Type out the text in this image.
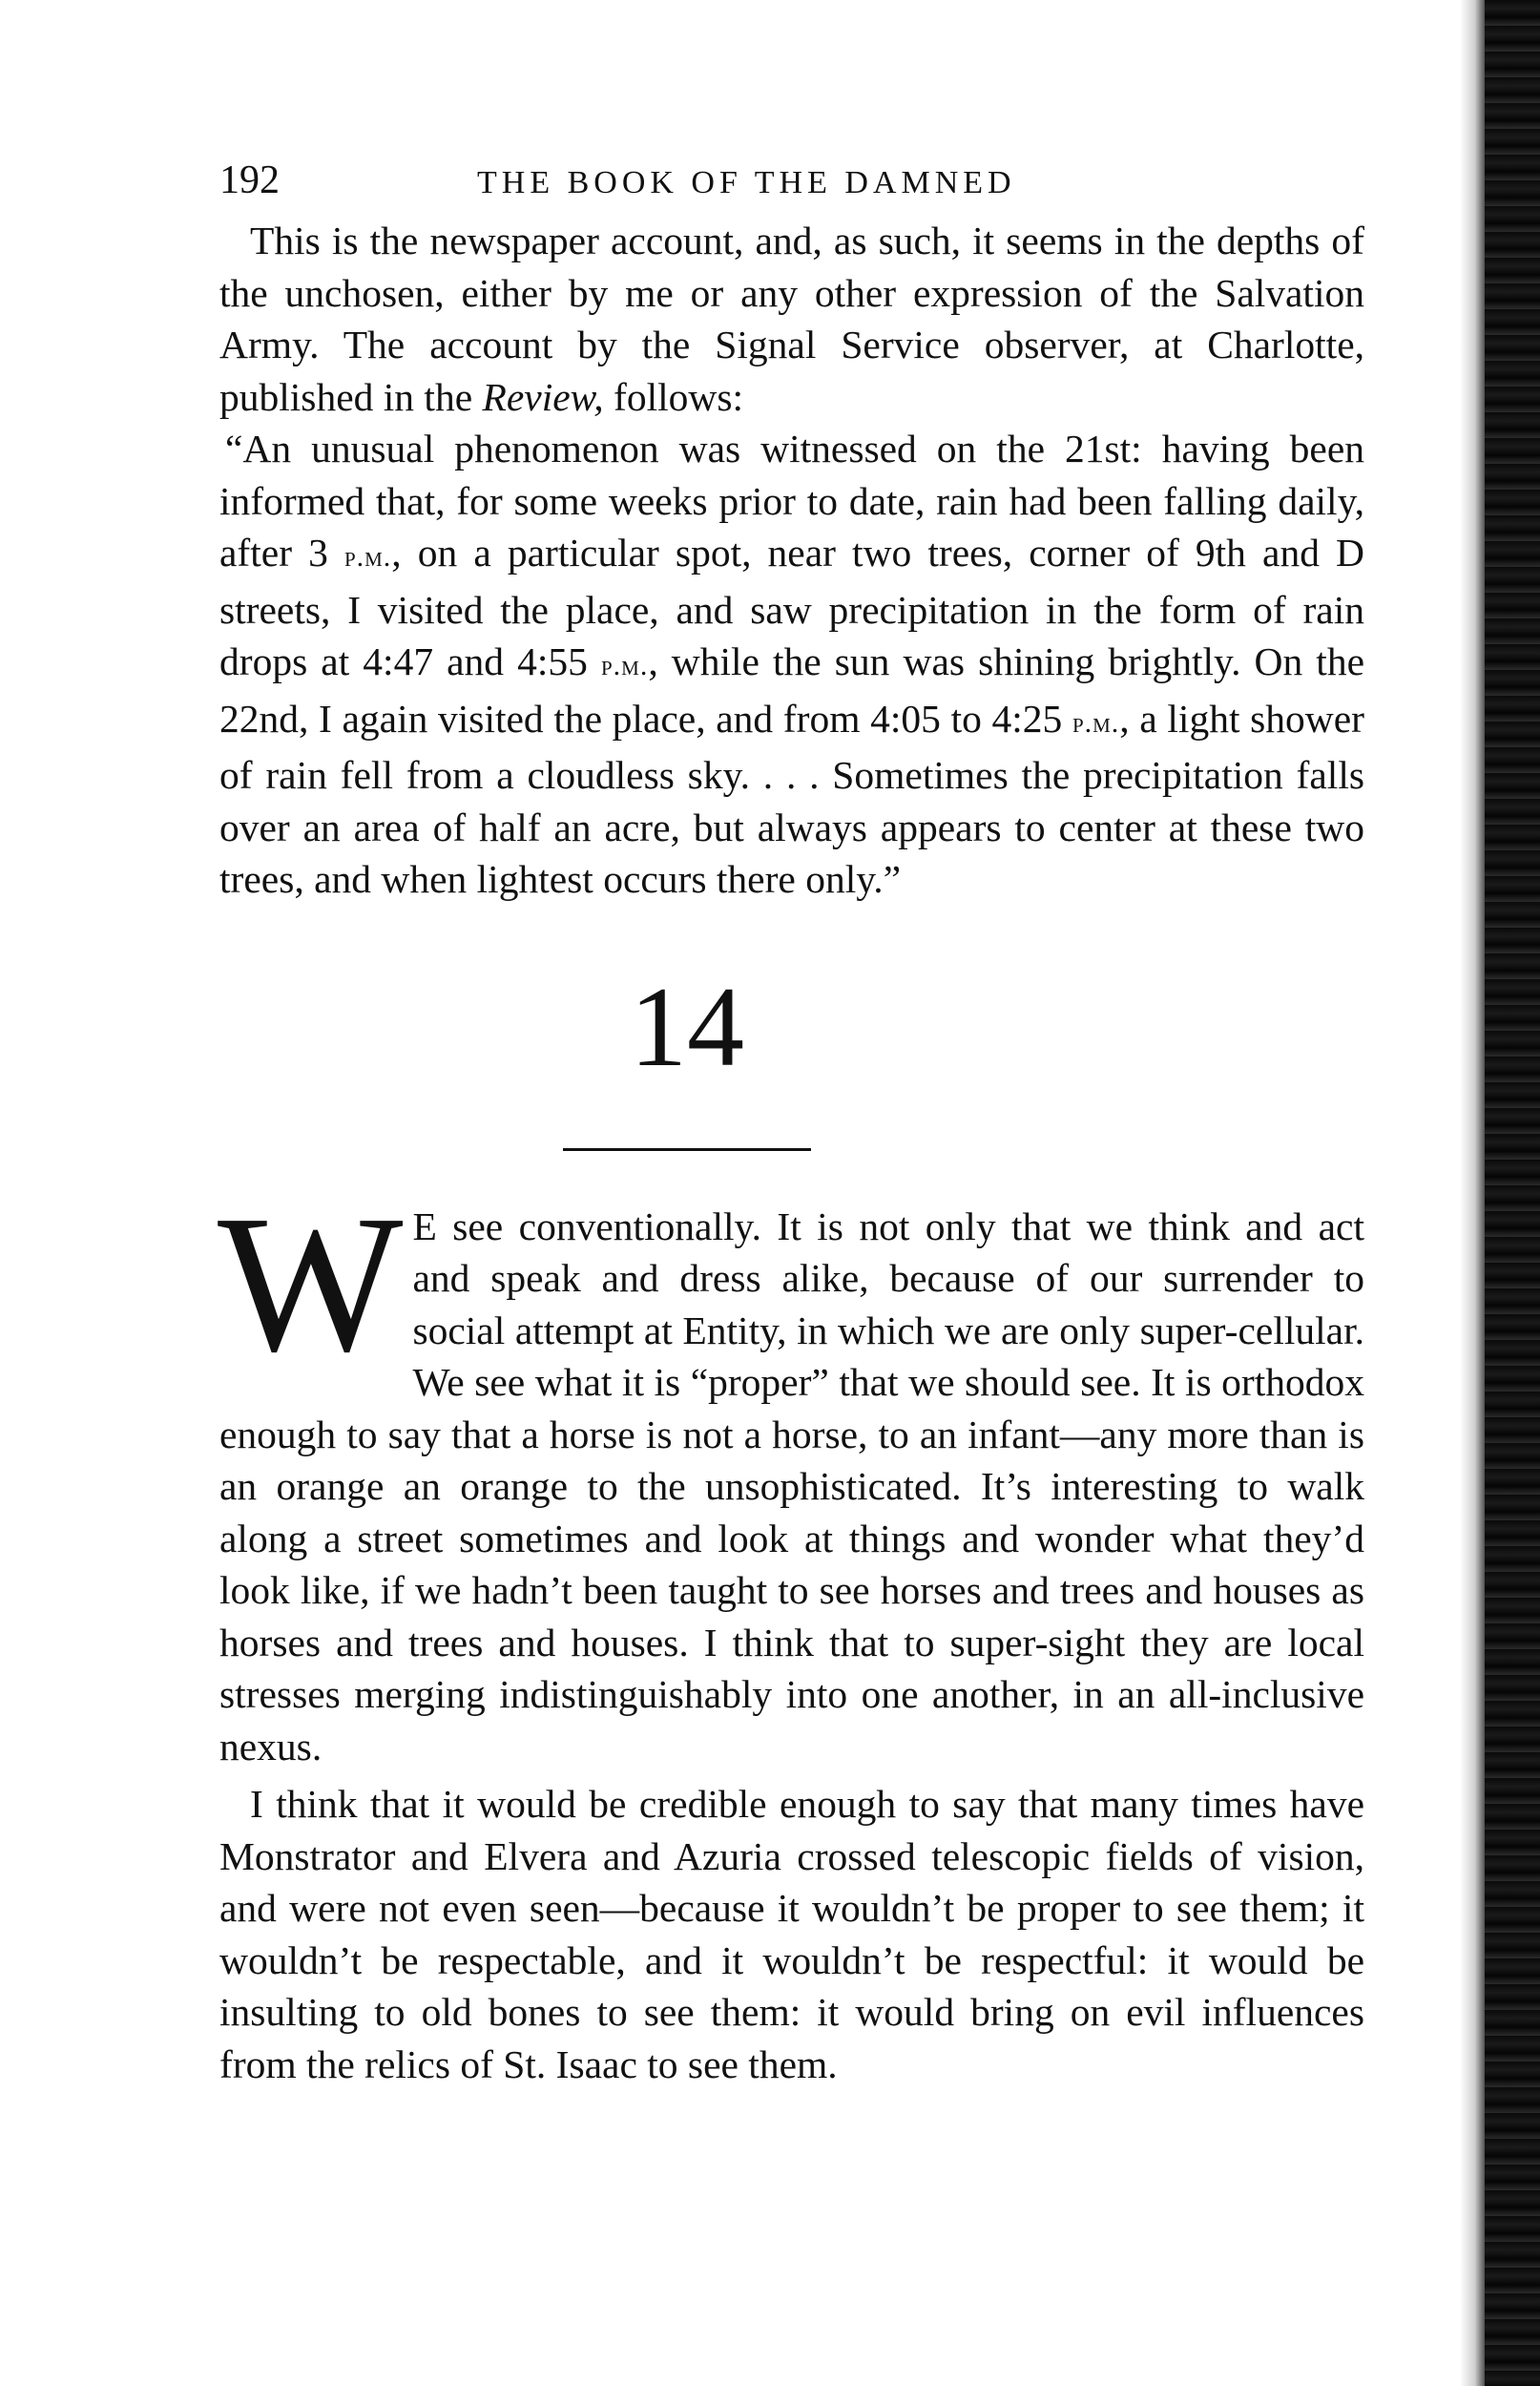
192	THE BOOK OF THE DAMNED

This is the newspaper account, and, as such, it seems in the depths of the unchosen, either by me or any other expression of the Salvation Army. The account by the Signal Service observer, at Charlotte, published in the Review, follows:

“An unusual phenomenon was witnessed on the 21st: having been informed that, for some weeks prior to date, rain had been falling daily, after 3 p.m., on a particular spot, near two trees, corner of 9th and D streets, I visited the place, and saw precipitation in the form of rain drops at 4:47 and 4:55 p.m., while the sun was shining brightly. On the 22nd, I again visited the place, and from 4:05 to 4:25 p.m., a light shower of rain fell from a cloudless sky. . . . Sometimes the precipitation falls over an area of half an acre, but always appears to center at these two trees, and when lightest occurs there only.”

14
W E see conventionally. It is not only that we think and act and speak and dress alike, because of our surrender to social attempt at Entity, in which we are only super-cellular. We see what it is “proper” that we should see. It is orthodox enough to say that a horse is not a horse, to an infant—any more than is an orange an orange to the unsophisticated. It’s interesting to walk along a street sometimes and look at things and wonder what they’d look like, if we hadn’t been taught to see horses and trees and houses as horses and trees and houses. I think that to super-sight they are local stresses merging indistinguishably into one another, in an all-inclusive nexus.

I think that it would be credible enough to say that many times have Monstrator and Elvera and Azuria crossed telescopic fields of vision, and were not even seen—because it wouldn’t be proper to see them; it wouldn’t be respectable, and it wouldn’t be respectful: it would be insulting to old bones to see them: it would bring on evil influences from the relics of St. Isaac to see them.
